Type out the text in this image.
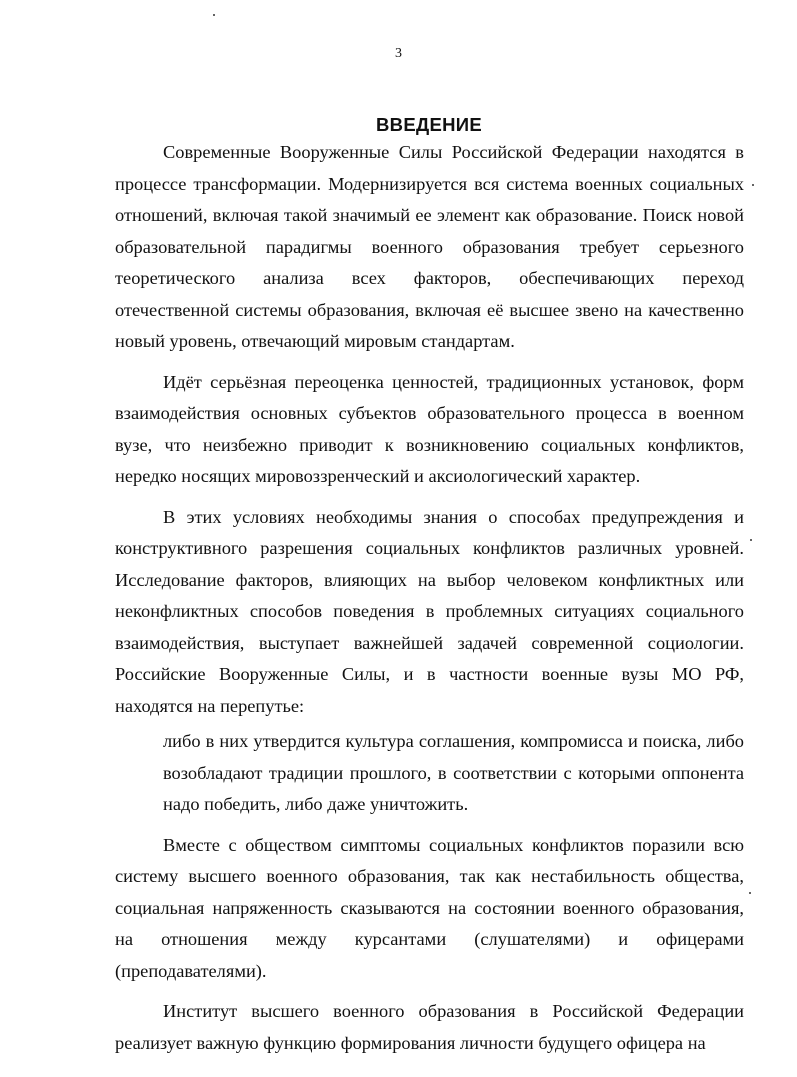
3
ВВЕДЕНИЕ

Современные Вооруженные Силы Российской Федерации находятся в процессе трансформации. Модернизируется вся система военных социальных отношений, включая такой значимый ее элемент как образование. Поиск новой образовательной парадигмы военного образования требует серьезного теоретического анализа всех факторов, обеспечивающих переход отечественной системы образования, включая её высшее звено на качественно новый уровень, отвечающий мировым стандартам.

Идёт серьёзная переоценка ценностей, традиционных установок, форм взаимодействия основных субъектов образовательного процесса в военном вузе, что неизбежно приводит к возникновению социальных конфликтов, нередко носящих мировоззренческий и аксиологический характер.

В этих условиях необходимы знания о способах предупреждения и конструктивного разрешения социальных конфликтов различных уровней. Исследование факторов, влияющих на выбор человеком конфликтных или неконфликтных способов поведения в проблемных ситуациях социального взаимодействия, выступает важнейшей задачей современной социологии. Российские Вооруженные Силы, и в частности военные вузы МО РФ, находятся на перепутье:

либо в них утвердится культура соглашения, компромисса и поиска, либо возобладают традиции прошлого, в соответствии с которыми оппонента надо победить, либо даже уничтожить.

Вместе с обществом симптомы социальных конфликтов поразили всю систему высшего военного образования, так как нестабильность общества, социальная напряженность сказываются на состоянии военного образования, на отношения между курсантами (слушателями) и офицерами (преподавателями).

Институт высшего военного образования в Российской Федерации реализует важную функцию формирования личности будущего офицера на
